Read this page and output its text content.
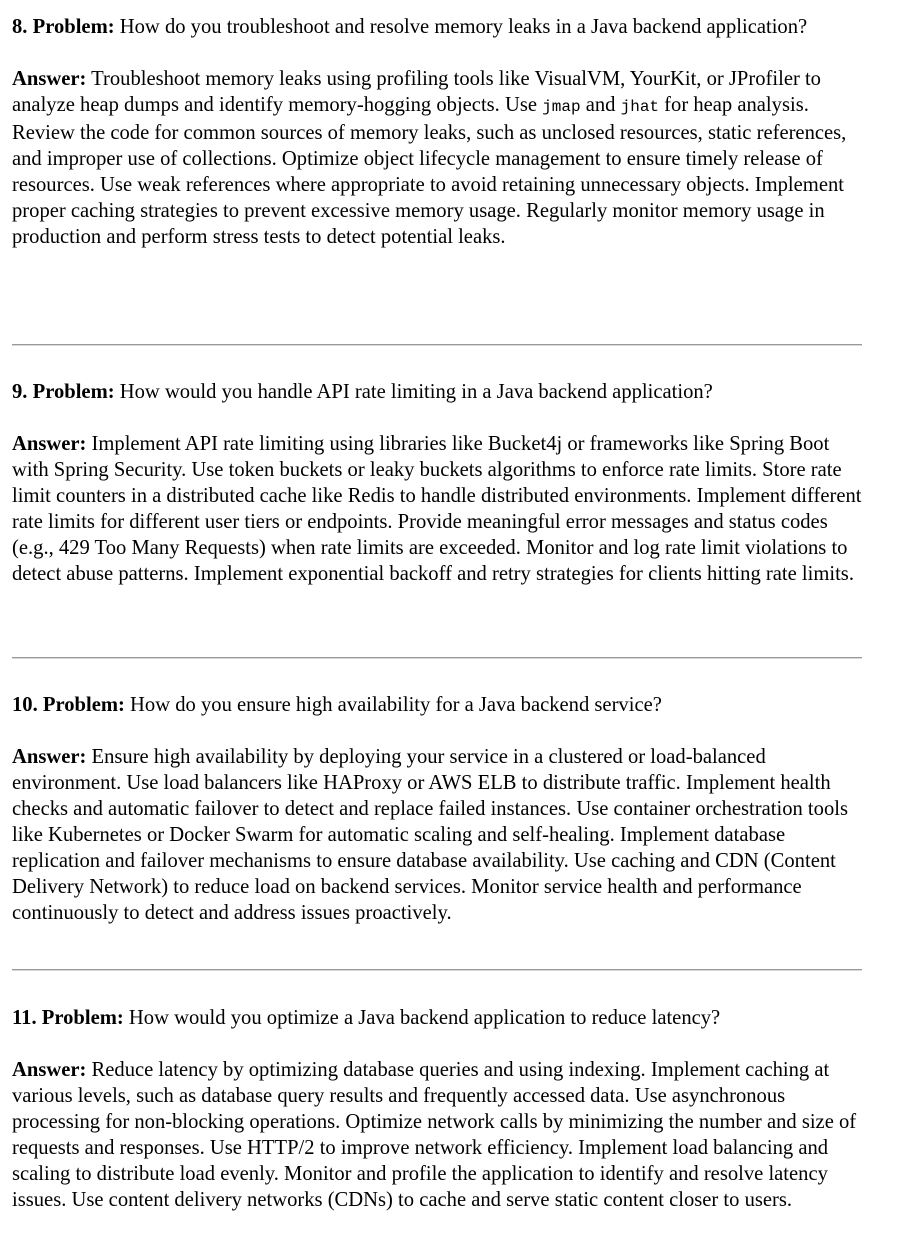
8. Problem: How do you troubleshoot and resolve memory leaks in a Java backend application?

Answer: Troubleshoot memory leaks using profiling tools like VisualVM, YourKit, or JProfiler to analyze heap dumps and identify memory-hogging objects. Use jmap and jhat for heap analysis. Review the code for common sources of memory leaks, such as unclosed resources, static references, and improper use of collections. Optimize object lifecycle management to ensure timely release of resources. Use weak references where appropriate to avoid retaining unnecessary objects. Implement proper caching strategies to prevent excessive memory usage. Regularly monitor memory usage in production and perform stress tests to detect potential leaks.

9. Problem: How would you handle API rate limiting in a Java backend application?

Answer: Implement API rate limiting using libraries like Bucket4j or frameworks like Spring Boot with Spring Security. Use token buckets or leaky buckets algorithms to enforce rate limits. Store rate limit counters in a distributed cache like Redis to handle distributed environments. Implement different rate limits for different user tiers or endpoints. Provide meaningful error messages and status codes (e.g., 429 Too Many Requests) when rate limits are exceeded. Monitor and log rate limit violations to detect abuse patterns. Implement exponential backoff and retry strategies for clients hitting rate limits.

10. Problem: How do you ensure high availability for a Java backend service?

Answer: Ensure high availability by deploying your service in a clustered or load-balanced environment. Use load balancers like HAProxy or AWS ELB to distribute traffic. Implement health checks and automatic failover to detect and replace failed instances. Use container orchestration tools like Kubernetes or Docker Swarm for automatic scaling and self-healing. Implement database replication and failover mechanisms to ensure database availability. Use caching and CDN (Content Delivery Network) to reduce load on backend services. Monitor service health and performance continuously to detect and address issues proactively.

11. Problem: How would you optimize a Java backend application to reduce latency?

Answer: Reduce latency by optimizing database queries and using indexing. Implement caching at various levels, such as database query results and frequently accessed data. Use asynchronous processing for non-blocking operations. Optimize network calls by minimizing the number and size of requests and responses. Use HTTP/2 to improve network efficiency. Implement load balancing and scaling to distribute load evenly. Monitor and profile the application to identify and resolve latency issues. Use content delivery networks (CDNs) to cache and serve static content closer to users.
